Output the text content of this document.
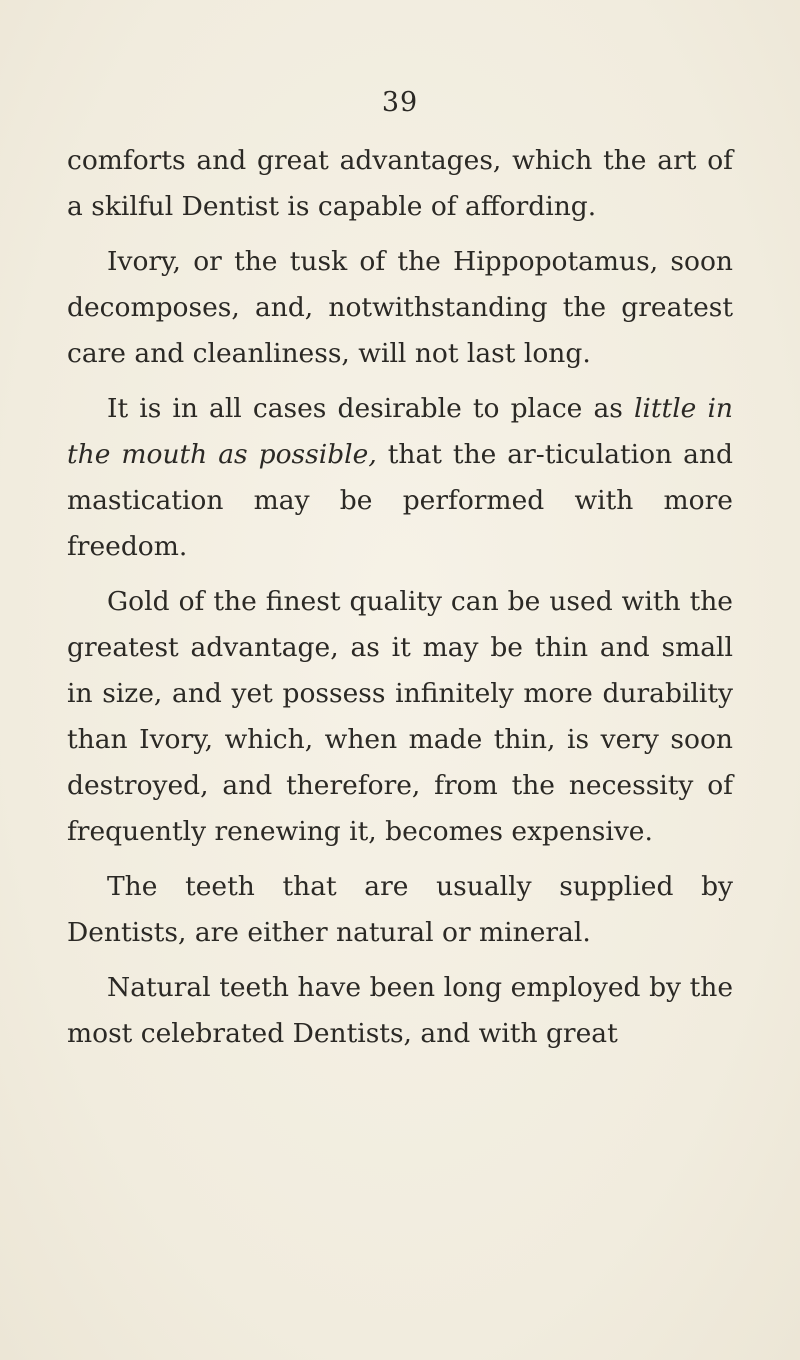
39

comforts and great advantages, which the art of a skilful Dentist is capable of affording.

Ivory, or the tusk of the Hippopotamus, soon decomposes, and, notwithstanding the greatest care and cleanliness, will not last long.

It is in all cases desirable to place as little in the mouth as possible, that the ar-ticulation and mastication may be performed with more freedom.

Gold of the finest quality can be used with the greatest advantage, as it may be thin and small in size, and yet possess infinitely more durability than Ivory, which, when made thin, is very soon destroyed, and therefore, from the necessity of frequently renewing it, becomes expensive.

The teeth that are usually supplied by Dentists, are either natural or mineral.

Natural teeth have been long employed by the most celebrated Dentists, and with great
